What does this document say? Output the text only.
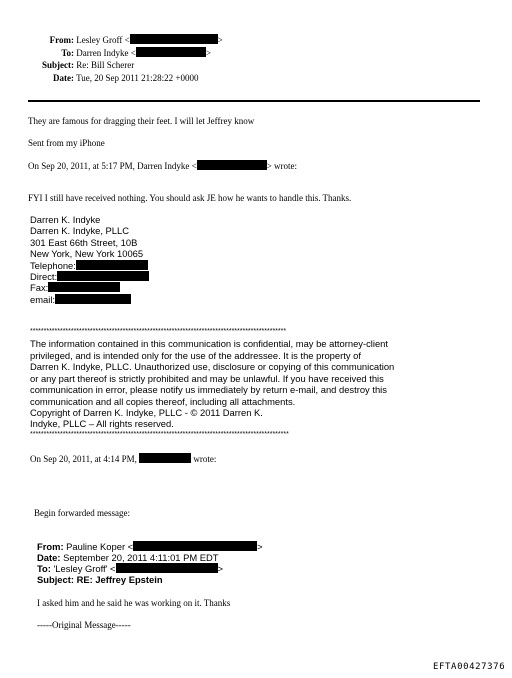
From: Lesley Groff <	>
To: Darren Indyke <	>
Subject: Re: Bill Scherer
Date: Tue, 20 Sep 2011 21:28:22 +0000
They are famous for dragging their feet. I will let Jeffrey know
Sent from my iPhone
On Sep 20, 2011, at 5:17 PM, Darren Indyke <	> wrote:
FYI I still have received nothing. You should ask JE how he wants to handle this. Thanks.
Darren K. Indyke
Darren K. Indyke, PLLC
301 East 66th Street, 10B
New York, New York 10065
Telephone:
Direct:
Fax:
email:
**********************************************************************************************
The information contained in this communication is confidential, may be attorney-client
privileged, and is intended only for the use of the addressee. It is the property of
Darren K. Indyke, PLLC. Unauthorized use, disclosure or copying of this communication
or any part thereof is strictly prohibited and may be unlawful. If you have received this
communication in error, please notify us immediately by return e-mail, and destroy this
communication and all copies thereof, including all attachments.
Copyright of Darren K. Indyke, PLLC - © 2011 Darren K.
Indyke, PLLC – All rights reserved.
***********************************************************************************************
On Sep 20, 2011, at 4:14 PM,	wrote:
Begin forwarded message:
From: Pauline Koper <	>
Date: September 20, 2011 4:11:01 PM EDT
To: 'Lesley Groff' <	>
Subject: RE: Jeffrey Epstein
I asked him and he said he was working on it. Thanks
-----Original Message-----
EFTA00427376
